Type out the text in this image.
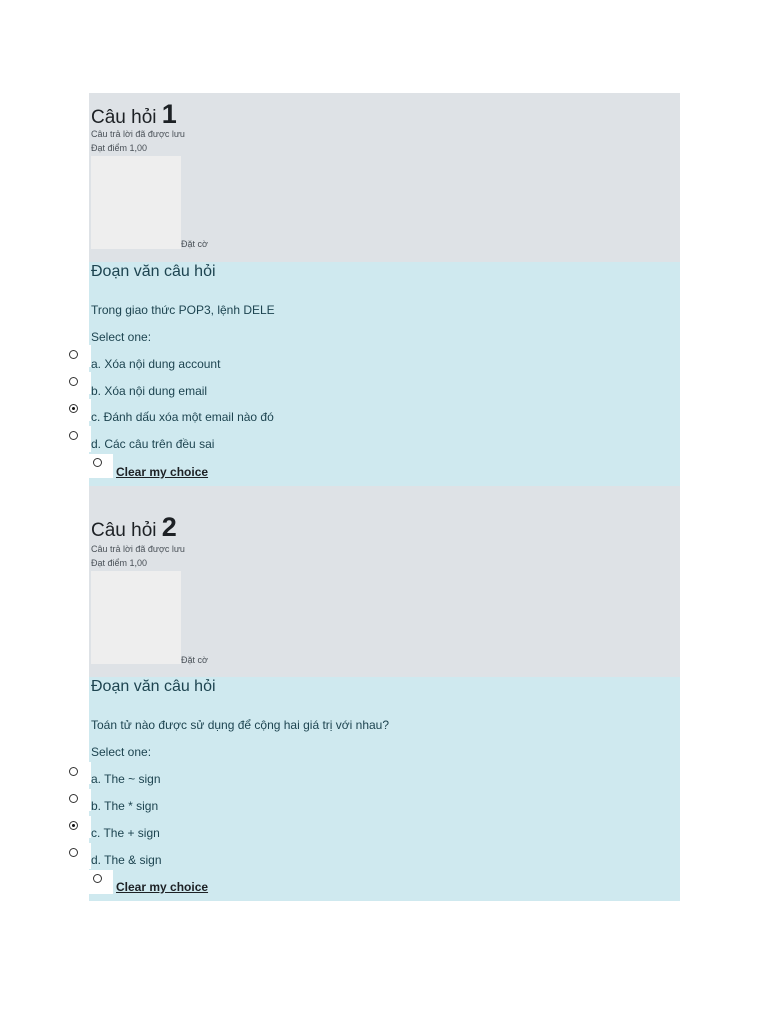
Câu hỏi 1
Câu trả lời đã được lưu
Đạt điểm 1,00
Đặt cờ
Đoạn văn câu hỏi
Trong giao thức POP3, lệnh DELE
Select one:
a. Xóa nội dung account
b. Xóa nội dung email
c. Đánh dấu xóa một email nào đó
d. Các câu trên đều sai
Clear my choice
Câu hỏi 2
Câu trả lời đã được lưu
Đạt điểm 1,00
Đặt cờ
Đoạn văn câu hỏi
Toán tử nào được sử dụng để cộng hai giá trị với nhau?
Select one:
a. The ~ sign
b. The * sign
c. The + sign
d. The & sign
Clear my choice
